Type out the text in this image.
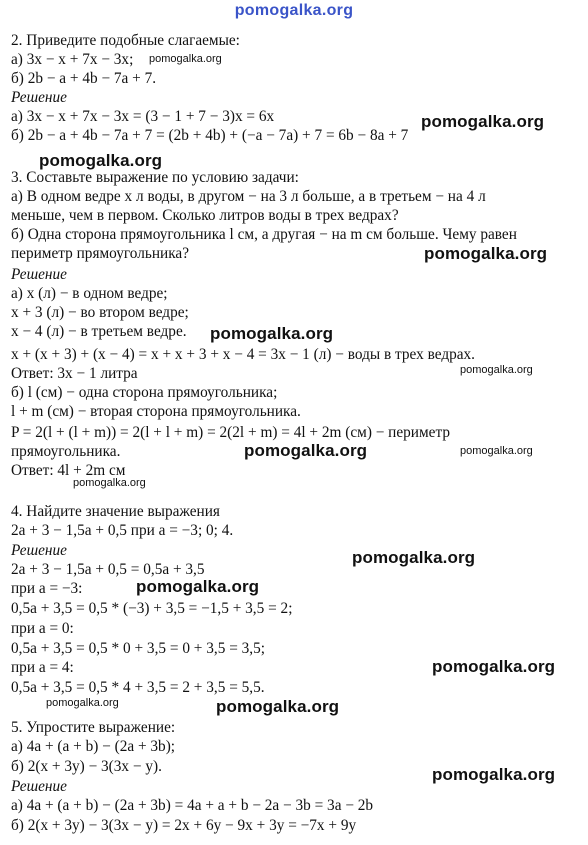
pomogalka.org
2. Приведите подобные слагаемые:
а) 3x − x + 7x − 3x;
б) 2b − a + 4b − 7a + 7.
Решение
а) 3x − x + 7x − 3x = (3 − 1 + 7 − 3)x = 6x
б) 2b − a + 4b − 7a + 7 = (2b + 4b) + (−a − 7a) + 7 = 6b − 8a + 7
3. Составьте выражение по условию задачи:
а) В одном ведре x л воды, в другом − на 3 л больше, а в третьем − на 4 л
меньше, чем в первом. Сколько литров воды в трех ведрах?
б) Одна сторона прямоугольника l см, а другая − на m см больше. Чему равен
периметр прямоугольника?
Решение
а) x (л) − в одном ведре;
x + 3 (л) − во втором ведре;
x − 4 (л) − в третьем ведре.
x + (x + 3) + (x − 4) = x + x + 3 + x − 4 = 3x − 1 (л) − воды в трех ведрах.
Ответ: 3x − 1 литра
б) l (см) − одна сторона прямоугольника;
l + m (см) − вторая сторона прямоугольника.
P = 2(l + (l + m)) = 2(l + l + m) = 2(2l + m) = 4l + 2m (см) − периметр
прямоугольника.
Ответ: 4l + 2m см
4. Найдите значение выражения
2a + 3 − 1,5a + 0,5 при a = −3; 0; 4.
Решение
2a + 3 − 1,5a + 0,5 = 0,5a + 3,5
при a = −3:
0,5a + 3,5 = 0,5 * (−3) + 3,5 = −1,5 + 3,5 = 2;
при a = 0:
0,5a + 3,5 = 0,5 * 0 + 3,5 = 0 + 3,5 = 3,5;
при a = 4:
0,5a + 3,5 = 0,5 * 4 + 3,5 = 2 + 3,5 = 5,5.
5. Упростите выражение:
а) 4a + (a + b) − (2a + 3b);
б) 2(x + 3y) − 3(3x − y).
Решение
а) 4a + (a + b) − (2a + 3b) = 4a + a + b − 2a − 3b = 3a − 2b
б) 2(x + 3y) − 3(3x − y) = 2x + 6y − 9x + 3y = −7x + 9y
pomogalka.org
pomogalka.org
pomogalka.org
pomogalka.org
pomogalka.org
pomogalka.org
pomogalka.org	pomogalka.org
pomogalka.org
pomogalka.org
pomogalka.org
pomogalka.org
pomogalka.org	pomogalka.org
pomogalka.org
